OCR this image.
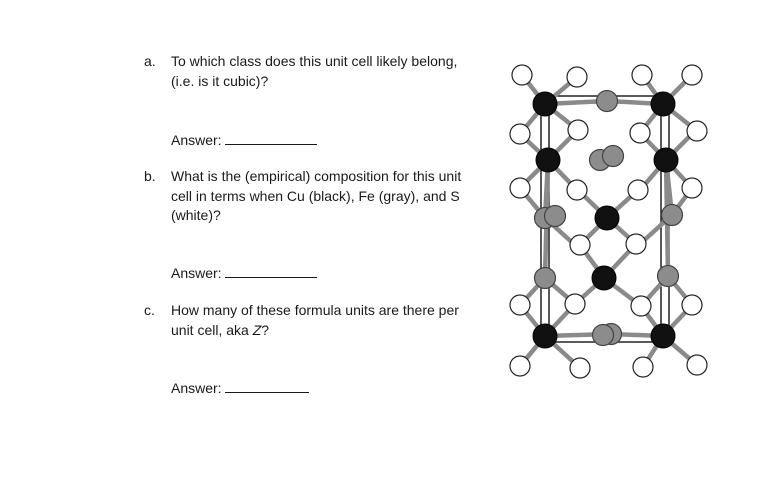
a. To which class does this unit cell likely belong,
(i.e. is it cubic)?
Answer:
b. What is the (empirical) composition for this unit
cell in terms when Cu (black), Fe (gray), and S
(white)?
Answer:
c. How many of these formula units are there per
unit cell, aka Z?
Answer:
